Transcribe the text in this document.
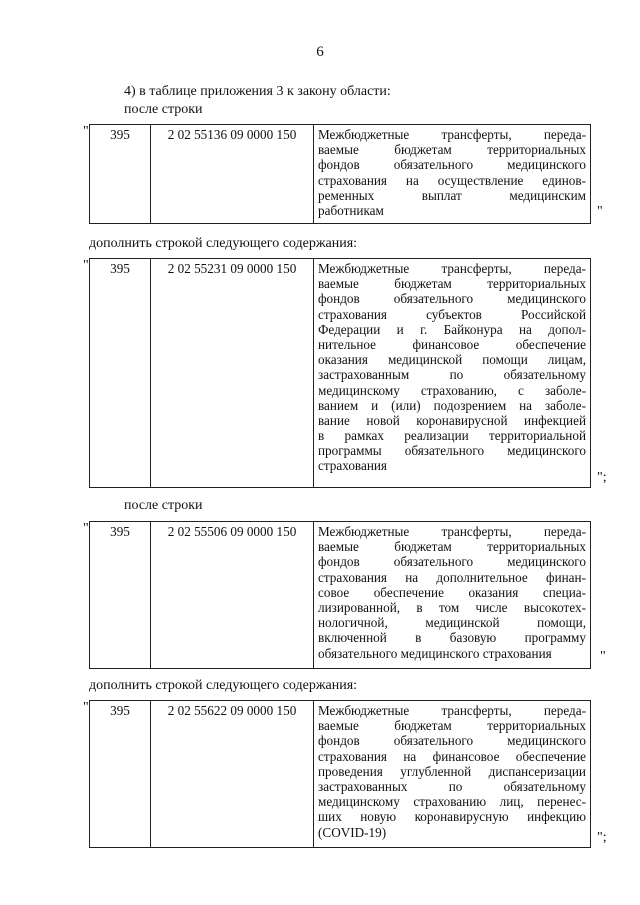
6
4) в таблице приложения 3 к закону области:
после строки
" 395	2 02 55136 09 0000 150	Межбюджетные трансферты, переда-
ваемые бюджетам территориальных
фондов обязательного медицинского
страхования на осуществление единов-
ременных выплат медицинским
работникам	"
дополнить строкой следующего содержания:
" 395	2 02 55231 09 0000 150	Межбюджетные трансферты, переда-
ваемые бюджетам территориальных
фондов обязательного медицинского
страхования субъектов Российской
Федерации и г. Байконура на допол-
нительное финансовое обеспечение
оказания медицинской помощи лицам,
застрахованным по обязательному
медицинскому страхованию, с заболе-
ванием и (или) подозрением на заболе-
вание новой коронавирусной инфекцией
в рамках реализации территориальной
программы обязательного медицинского
страхования
";
после строки
" 395	2 02 55506 09 0000 150	Межбюджетные трансферты, переда-
ваемые бюджетам территориальных
фондов обязательного медицинского
страхования на дополнительное финан-
совое обеспечение оказания специа-
лизированной, в том числе высокотех-
нологичной, медицинской помощи,
включенной в базовую программу
обязательного медицинского страхования	"
дополнить строкой следующего содержания:
" 395	2 02 55622 09 0000 150	Межбюджетные трансферты, переда-
ваемые бюджетам территориальных
фондов обязательного медицинского
страхования на финансовое обеспечение
проведения углубленной диспансеризации
застрахованных по обязательному
медицинскому страхованию лиц, перенес-
ших новую коронавирусную инфекцию
(COVID-19)	";
